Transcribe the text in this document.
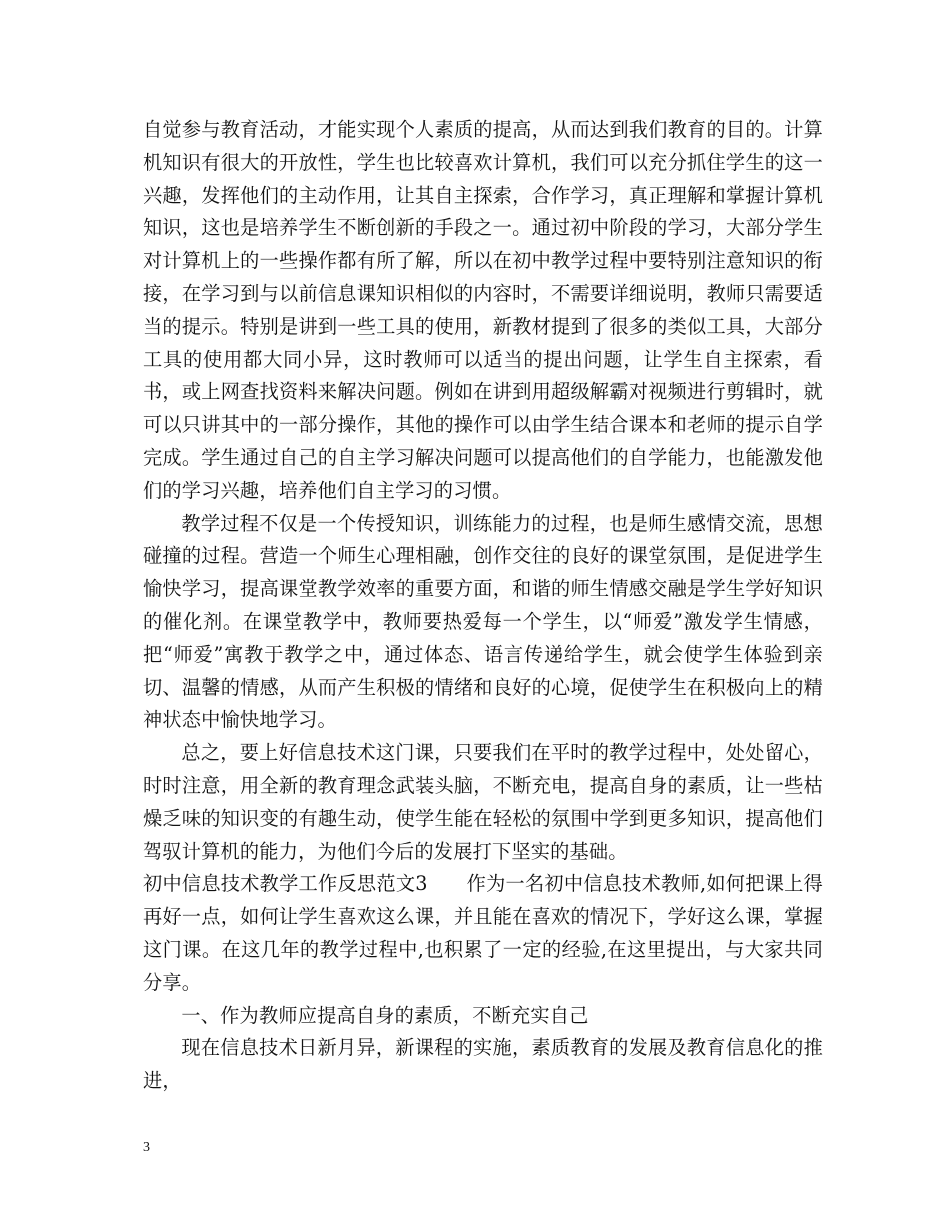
自觉参与教育活动，才能实现个人素质的提高，从而达到我们教育的目的。计算机知识有很大的开放性，学生也比较喜欢计算机，我们可以充分抓住学生的这一兴趣，发挥他们的主动作用，让其自主探索，合作学习，真正理解和掌握计算机知识，这也是培养学生不断创新的手段之一。通过初中阶段的学习，大部分学生对计算机上的一些操作都有所了解，所以在初中教学过程中要特别注意知识的衔接，在学习到与以前信息课知识相似的内容时，不需要详细说明，教师只需要适当的提示。特别是讲到一些工具的使用，新教材提到了很多的类似工具，大部分工具的使用都大同小异，这时教师可以适当的提出问题，让学生自主探索，看书，或上网查找资料来解决问题。例如在讲到用超级解霸对视频进行剪辑时，就可以只讲其中的一部分操作，其他的操作可以由学生结合课本和老师的提示自学完成。学生通过自己的自主学习解决问题可以提高他们的自学能力，也能激发他们的学习兴趣，培养他们自主学习的习惯。

教学过程不仅是一个传授知识，训练能力的过程，也是师生感情交流，思想碰撞的过程。营造一个师生心理相融，创作交往的良好的课堂氛围，是促进学生愉快学习，提高课堂教学效率的重要方面，和谐的师生情感交融是学生学好知识的催化剂。在课堂教学中，教师要热爱每一个学生，以“师爱”激发学生情感，把“师爱”寓教于教学之中，通过体态、语言传递给学生，就会使学生体验到亲切、温馨的情感，从而产生积极的情绪和良好的心境，促使学生在积极向上的精神状态中愉快地学习。

总之，要上好信息技术这门课，只要我们在平时的教学过程中，处处留心，时时注意，用全新的教育理念武装头脑，不断充电，提高自身的素质，让一些枯燥乏味的知识变的有趣生动，使学生能在轻松的氛围中学到更多知识，提高他们驾驭计算机的能力，为他们今后的发展打下坚实的基础。

初中信息技术教学工作反思范文3　　作为一名初中信息技术教师,如何把课上得再好一点，如何让学生喜欢这么课，并且能在喜欢的情况下，学好这么课，掌握这门课。在这几年的教学过程中,也积累了一定的经验,在这里提出，与大家共同分享。

一、作为教师应提高自身的素质，不断充实自己

现在信息技术日新月异，新课程的实施，素质教育的发展及教育信息化的推进，

3
